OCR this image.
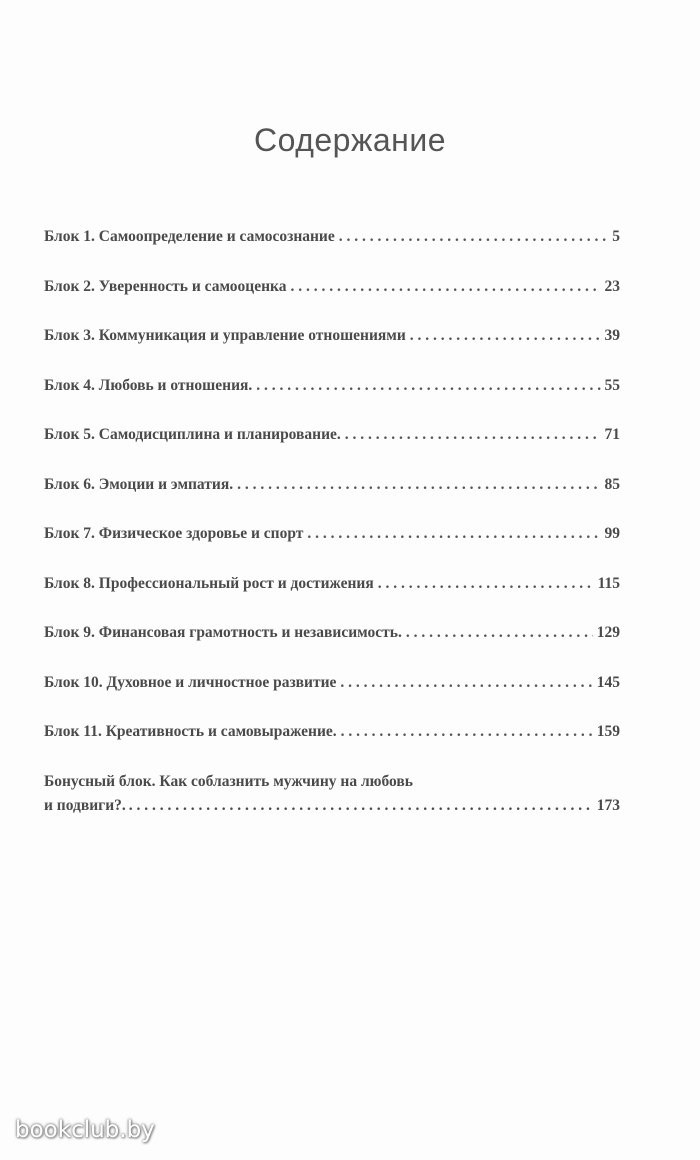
Содержание
Блок 1. Самоопределение и самосознание . . .	5
Блок 2. Уверенность и самооценка . . .	23
Блок 3. Коммуникация и управление отношениями . . .	39
Блок 4. Любовь и отношения. . . .	55
Блок 5. Самодисциплина и планирование. . . .	71
Блок 6. Эмоции и эмпатия. . . .	85
Блок 7. Физическое здоровье и спорт . . .	99
Блок 8. Профессиональный рост и достижения . . .	115
Блок 9. Финансовая грамотность и независимость. . . .	129
Блок 10. Духовное и личностное развитие . . .	145
Блок 11. Креативность и самовыражение. . . .	159
Бонусный блок. Как соблазнить мужчину на любовь
и подвиги?. . . .	173
bookclub.by
